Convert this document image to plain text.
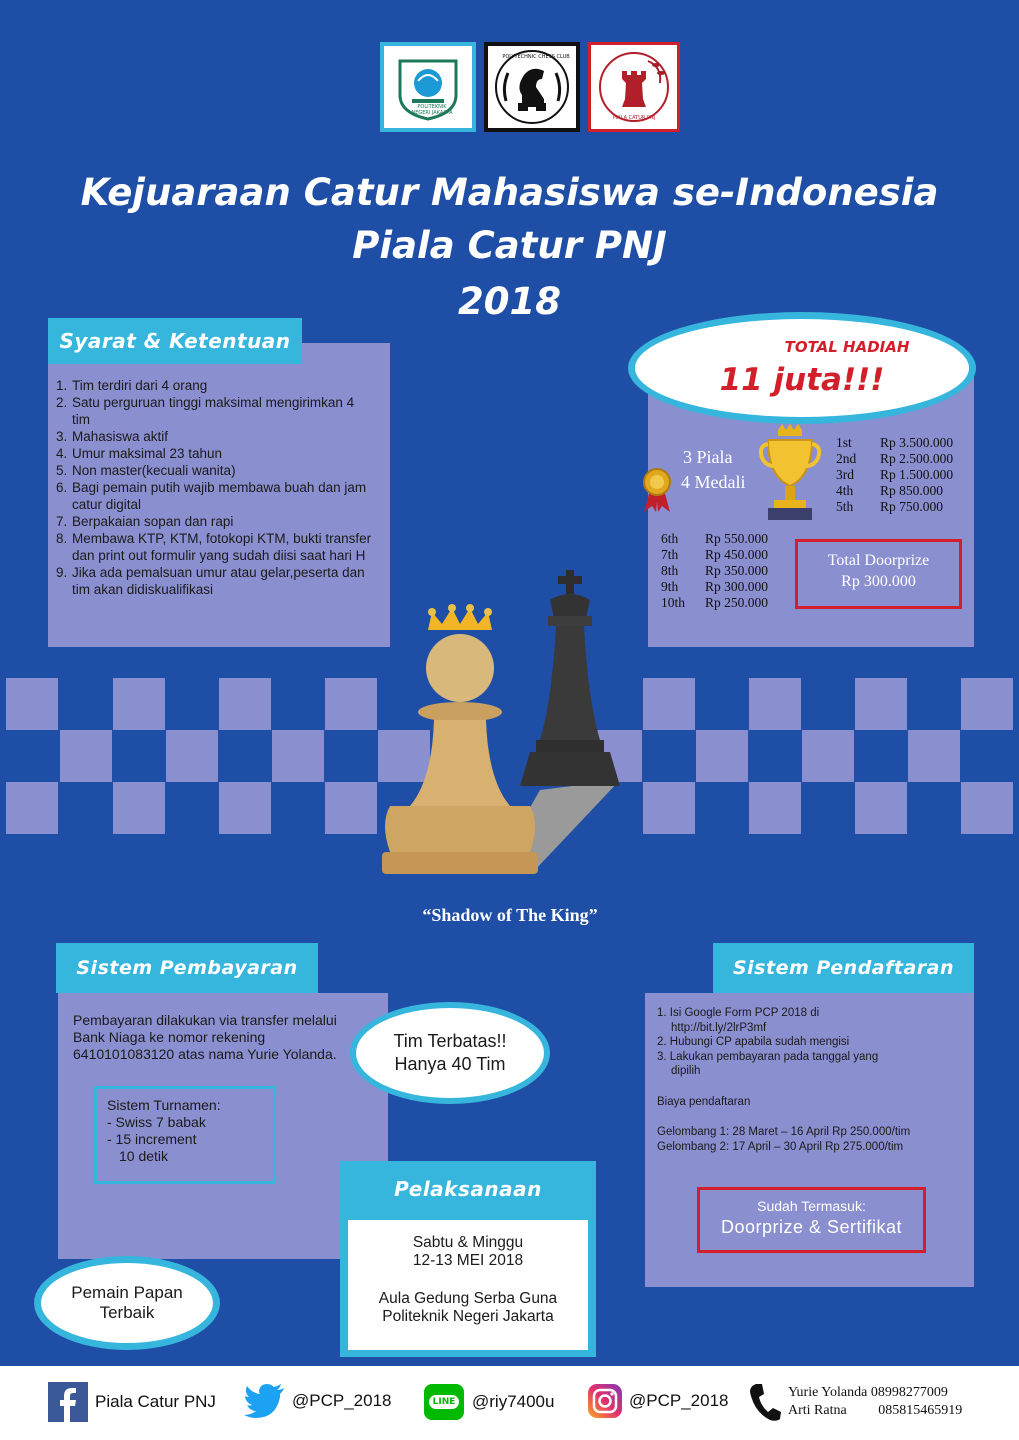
POLITEKNIK NEGERI JAKARTA
POLYTECHNIC CHESS CLUB
PIALA CATUR PNJ
Kejuaraan Catur Mahasiswa se-Indonesia
Piala Catur PNJ
2018
Syarat & Ketentuan
1. Tim terdiri dari 4 orang
2. Satu perguruan tinggi maksimal mengirimkan 4 tim
3. Mahasiswa aktif
4. Umur maksimal 23 tahun
5. Non master(kecuali wanita)
6. Bagi pemain putih wajib membawa buah dan jam catur digital
7. Berpakaian sopan dan rapi
8. Membawa KTP, KTM, fotokopi KTM, bukti transfer dan print out formulir yang sudah diisi saat hari H
9. Jika ada pemalsuan umur atau gelar,peserta dan tim akan didiskualifikasi
TOTAL HADIAH
11 juta!!!
3 Piala
4 Medali
1st	Rp 3.500.000
2nd	Rp 2.500.000
3rd	Rp 1.500.000
4th	Rp 850.000
5th	Rp 750.000
6th	Rp 550.000
7th	Rp 450.000
8th	Rp 350.000
9th	Rp 300.000
10th	Rp 250.000
Total Doorprize
Rp 300.000
“Shadow of The King”
Sistem Pembayaran
Pembayaran dilakukan via transfer melalui Bank Niaga ke nomor rekening 6410101083120 atas nama Yurie Yolanda.
Sistem Turnamen:
- Swiss 7 babak
- 15 increment
10 detik
Tim Terbatas!!
Hanya 40 Tim
Pemain Papan
Terbaik
Pelaksanaan
Sabtu & Minggu
12-13 MEI 2018
Aula Gedung Serba Guna
Politeknik Negeri Jakarta
Sistem Pendaftaran
1. Isi Google Form PCP 2018 di
http://bit.ly/2lrP3mf
2. Hubungi CP apabila sudah mengisi
3. Lakukan pembayaran pada tanggal yang
dipilih
Biaya pendaftaran
Gelombang 1: 28 Maret – 16 April Rp 250.000/tim
Gelombang 2: 17 April – 30 April Rp 275.000/tim
Sudah Termasuk:
Doorprize & Sertifikat
Piala Catur PNJ	@PCP_2018	LINE @riy7400u	@PCP_2018	Yurie Yolanda 08998277009
Arti Ratna 085815465919
